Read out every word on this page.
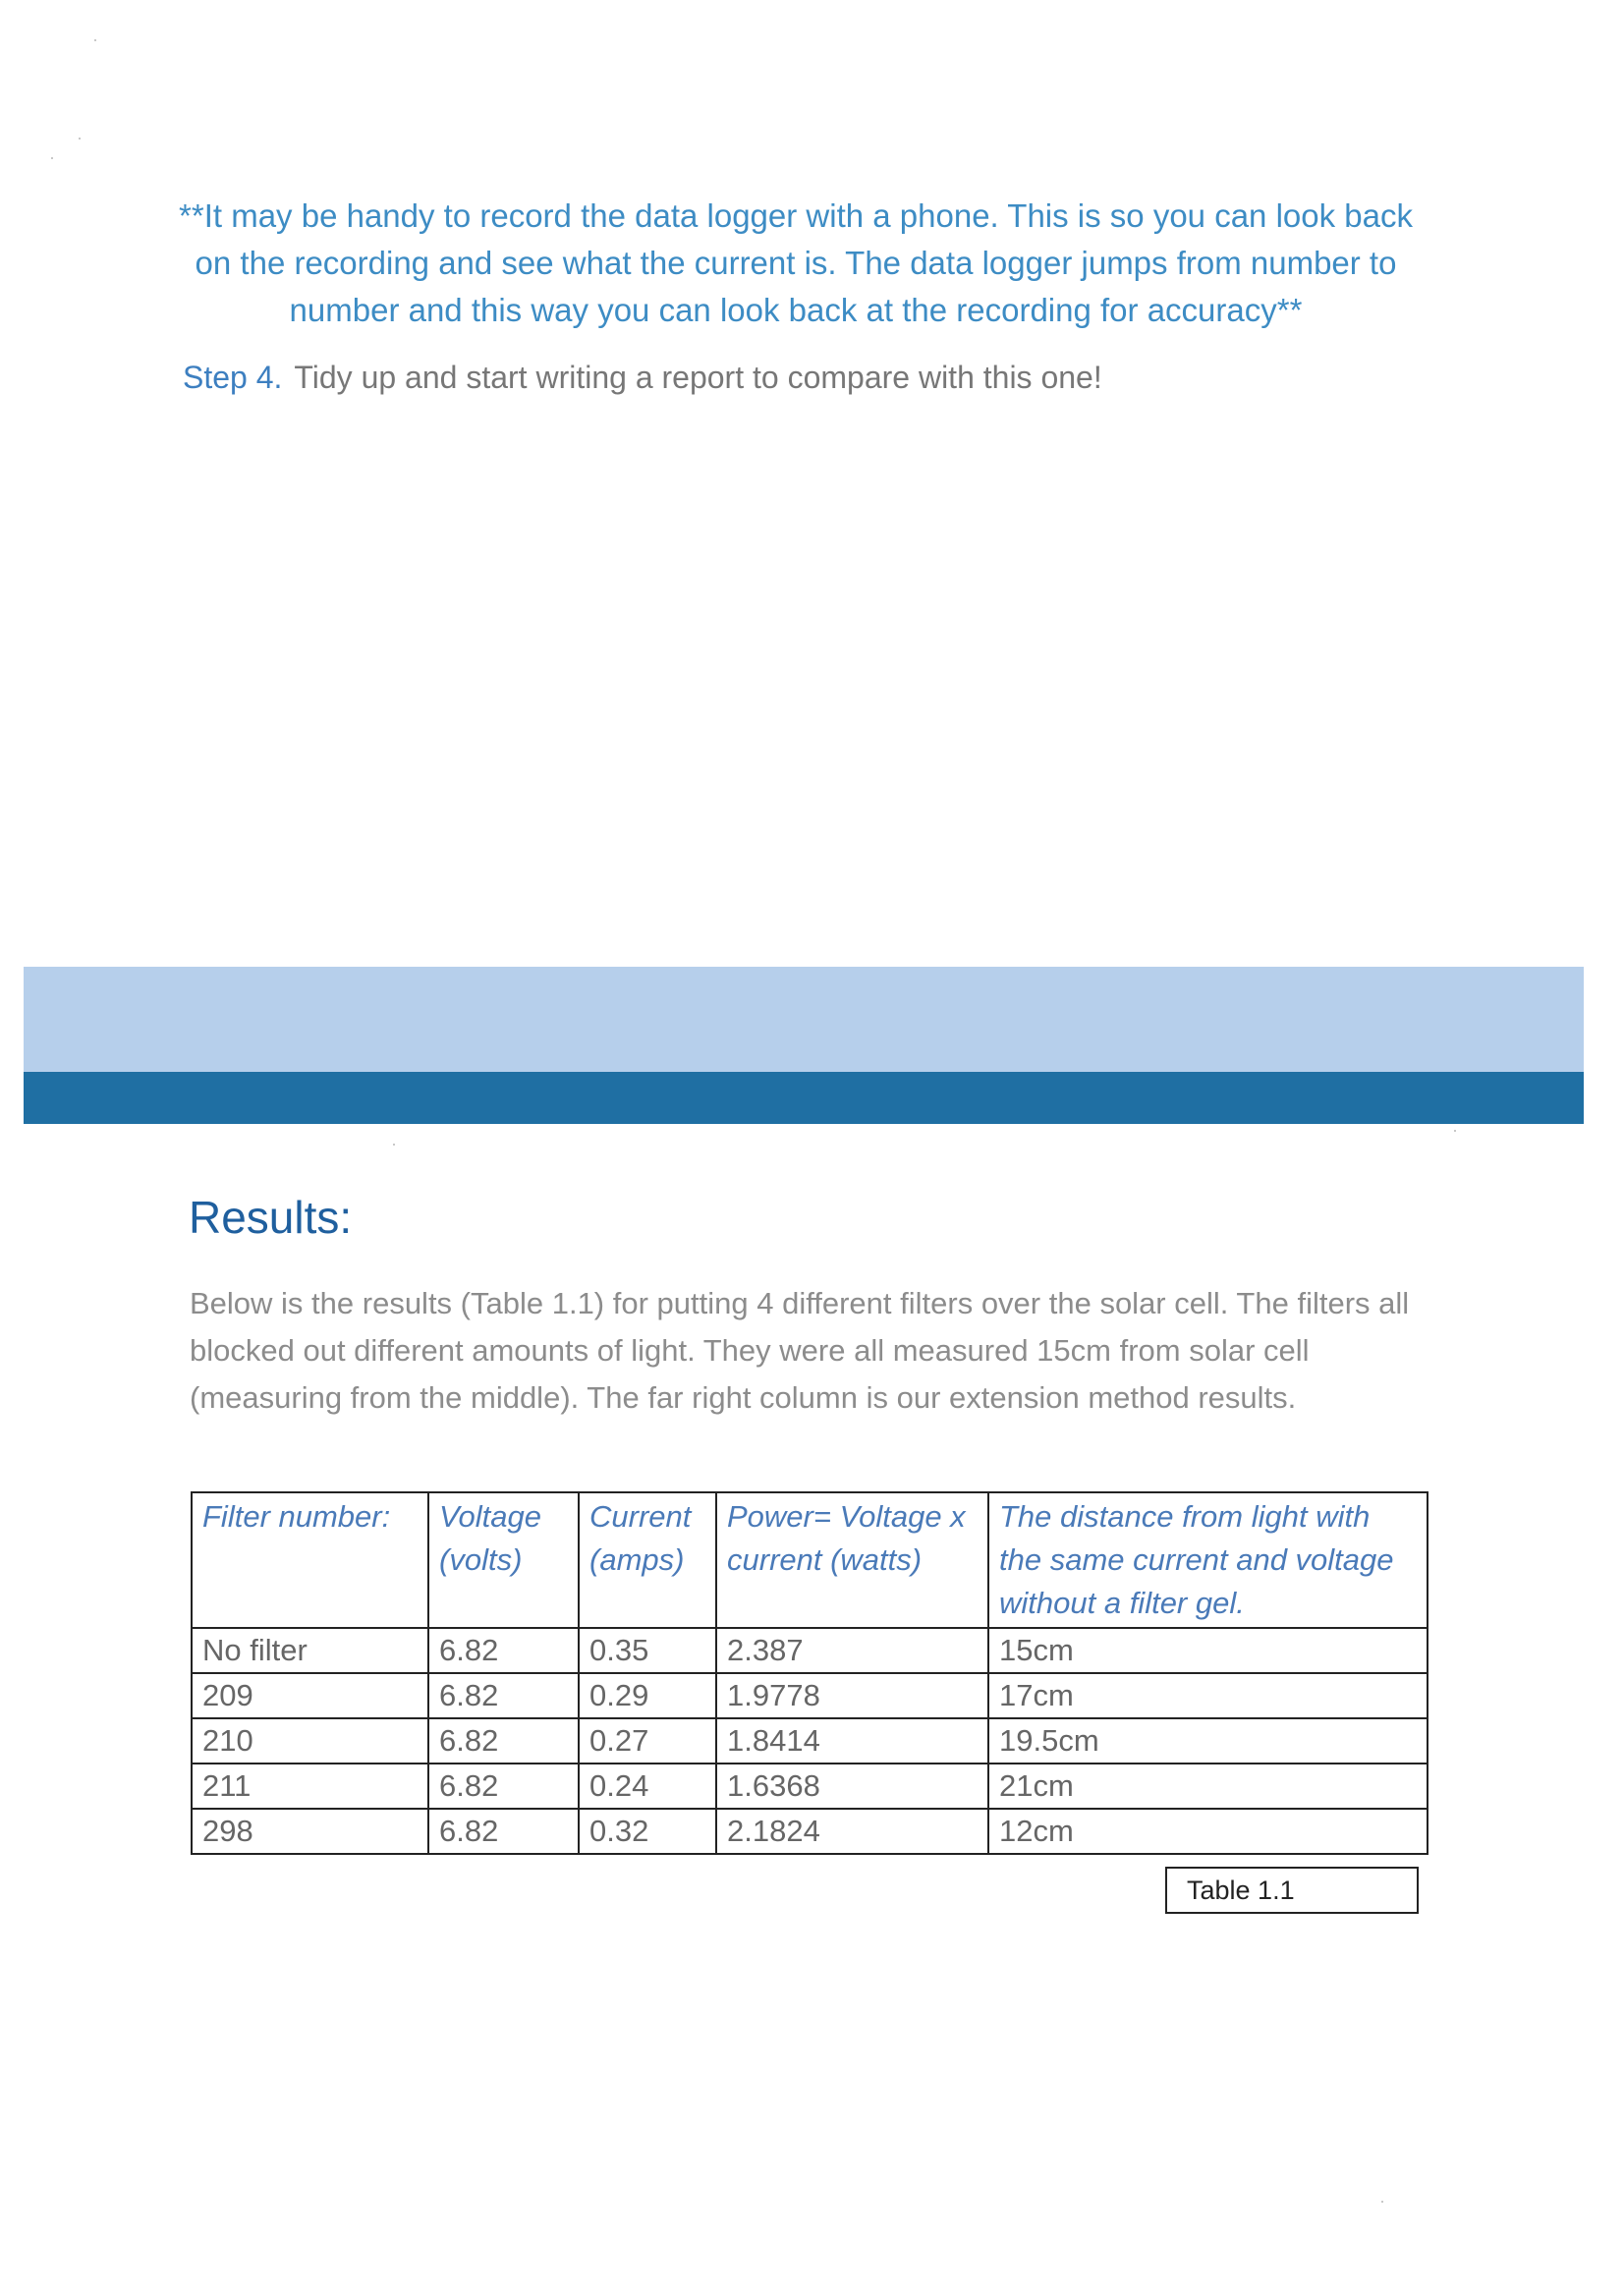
**It may be handy to record the data logger with a phone. This is so you can look back
on the recording and see what the current is. The data logger jumps from number to
number and this way you can look back at the recording for accuracy**
Step 4. Tidy up and start writing a report to compare with this one!
Results:
Below is the results (Table 1.1) for putting 4 different filters over the solar cell. The filters all blocked out different amounts of light. They were all measured 15cm from solar cell (measuring from the middle). The far right column is our extension method results.
Filter number:	Voltage (volts)	Current (amps)	Power= Voltage x current (watts)	The distance from light with the same current and voltage without a filter gel.
No filter	6.82	0.35	2.387	15cm
209	6.82	0.29	1.9778	17cm
210	6.82	0.27	1.8414	19.5cm
211	6.82	0.24	1.6368	21cm
298	6.82	0.32	2.1824	12cm
Table 1.1
